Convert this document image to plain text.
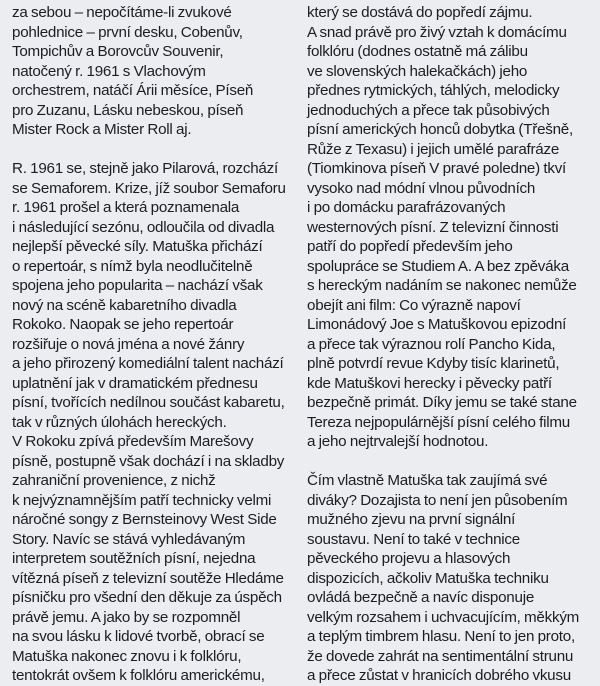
za sebou – nepočítáme-li zvukové
pohlednice – první desku, Cobenův,
Tompichův a Borovcův Souvenir,
natočený r. 1961 s Vlachovým
orchestrem, natáčí Árii měsíce, Píseň
pro Zuzanu, Lásku nebeskou, píseň
Mister Rock a Mister Roll aj.

R. 1961 se, stejně jako Pilarová, rozchází
se Semaforem. Krize, jíž soubor Semaforu
r. 1961 prošel a která poznamenala
i následující sezónu, odloučila od divadla
nejlepší pěvecké síly. Matuška přichází
o repertoár, s nímž byla neodlučitelně
spojena jeho popularita – nachází však
nový na scéně kabaretního divadla
Rokoko. Naopak se jeho repertoár
rozšiřuje o nová jména a nové žánry
a jeho přirozený komediální talent nachází
uplatnění jak v dramatickém přednesu
písní, tvořících nedílnou součást kabaretu,
tak v různých úlohách hereckých.

V Rokoku zpívá především Marešovy
písně, postupně však dochází i na skladby
zahraniční provenience, z nichž
k nejvýznamnějším patří technicky velmi
náročné songy z Bernsteinovy West Side
Story. Navíc se stává vyhledávaným
interpretem soutěžních písní, nejedna
vítězná píseň z televizní soutěže Hledáme
písničku pro všední den děkuje za úspěch
právě jemu. A jako by se rozpomněl
na svou lásku k lidové tvorbě, obrací se
Matuška nakonec znovu i k folklóru,
tentokrát ovšem k folklóru americkému,

který se dostává do popředí zájmu.
A snad právě pro živý vztah k domácímu
folklóru (dodnes ostatně má zálibu
ve slovenských halekačkách) jeho
přednes rytmických, táhlých, melodicky
jednoduchých a přece tak působivých
písní amerických honců dobytka (Třešně,
Růže z Texasu) i jejich umělé parafráze
(Tiomkinova píseň V pravé poledne) tkví
vysoko nad módní vlnou původních
i po domácku parafrázovaných
westernových písní. Z televizní činnosti
patří do popředí především jeho
spolupráce se Studiem A. A bez zpěváka
s hereckým nadáním se nakonec nemůže
obejít ani film: Co výrazně napoví
Limonádový Joe s Matuškovou epizodní
a přece tak výraznou rolí Pancho Kida,
plně potvrdí revue Kdyby tisíc klarinetů,
kde Matuškovi herecky i pěvecky patří
bezpečně primát. Díky jemu se také stane
Tereza nejpopulárnější písní celého filmu
a jeho nejtrvalejší hodnotou.

Čím vlastně Matuška tak zaujímá své
diváky? Dozajista to není jen působením
mužného zjevu na první signální
soustavu. Není to také v technice
pěveckého projevu a hlasových
dispozicích, ačkoliv Matuška techniku
ovládá bezpečně a navíc disponuje
velkým rozsahem i uchvacujícím, měkkým
a teplým timbrem hlasu. Není to jen proto,
že dovede zahrát na sentimentální strunu
a přece zůstat v hranicích dobrého vkusu
